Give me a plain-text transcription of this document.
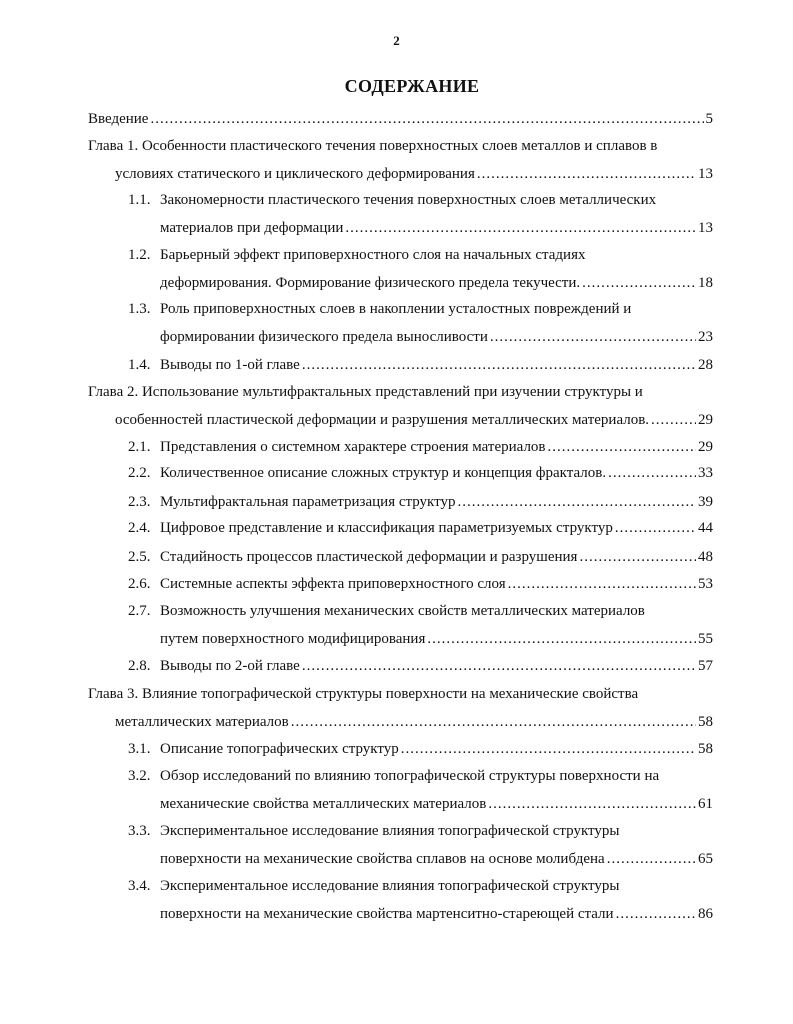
2
СОДЕРЖАНИЕ
Введение .....	5
Глава 1. Особенности пластического течения поверхностных слоев металлов и сплавов в
условиях статического и циклического деформирования .....	13
1.1. Закономерности пластического течения поверхностных слоев металлических
материалов при деформации .....	13
1.2. Барьерный эффект приповерхностного слоя на начальных стадиях
деформирования. Формирование физического предела текучести. .....	18
1.3. Роль приповерхностных слоев в накоплении усталостных повреждений и
формировании физического предела выносливости .....	23
1.4. Выводы по 1-ой главе .....	28
Глава 2. Использование мультифрактальных представлений при изучении структуры и
особенностей пластической деформации и разрушения металлических материалов. .....	29
2.1. Представления о системном характере строения материалов .....	29
2.2. Количественное описание сложных структур и концепция фракталов. .....	33
2.3. Мультифрактальная параметризация структур .....	39
2.4. Цифровое представление и классификация параметризуемых структур .....	44
2.5. Стадийность процессов пластической деформации и разрушения .....	48
2.6. Системные аспекты эффекта приповерхностного слоя .....	53
2.7. Возможность улучшения механических свойств металлических материалов
путем поверхностного модифицирования .....	55
2.8. Выводы по 2-ой главе .....	57
Глава 3. Влияние топографической структуры поверхности на механические свойства
металлических материалов .....	58
3.1. Описание топографических структур .....	58
3.2. Обзор исследований по влиянию топографической структуры поверхности на
механические свойства металлических материалов .....	61
3.3. Экспериментальное исследование влияния топографической структуры
поверхности на механические свойства сплавов на основе молибдена .....	65
3.4. Экспериментальное исследование влияния топографической структуры
поверхности на механические свойства мартенситно-стареющей стали .....	86
